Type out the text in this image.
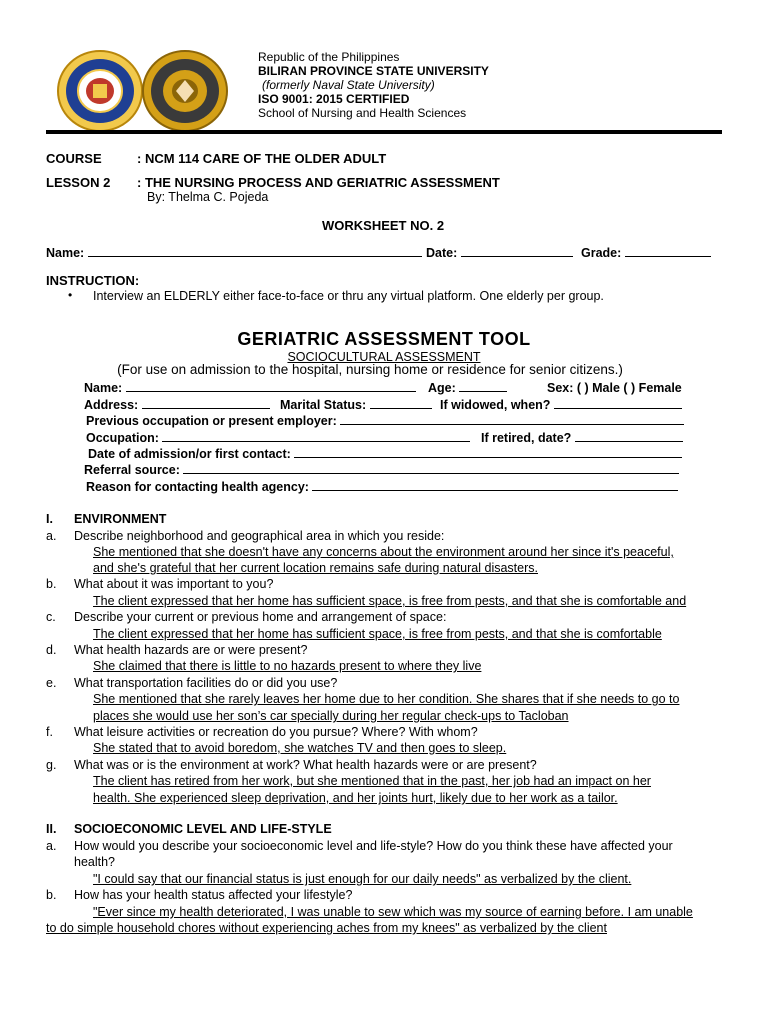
Republic of the Philippines
BILIRAN PROVINCE STATE UNIVERSITY
(formerly Naval State University)
ISO 9001: 2015 CERTIFIED
School of Nursing and Health Sciences
COURSE	: NCM 114 CARE OF THE OLDER ADULT
LESSON 2 : THE NURSING PROCESS AND GERIATRIC ASSESSMENT
By: Thelma C. Pojeda
WORKSHEET NO. 2
Name:	Date:	Grade:
INSTRUCTION:
• Interview an ELDERLY either face-to-face or thru any virtual platform. One elderly per group.
GERIATRIC ASSESSMENT TOOL
SOCIOCULTURAL ASSESSMENT
(For use on admission to the hospital, nursing home or residence for senior citizens.)
Name:	Age:	Sex: ( ) Male ( ) Female
Address:	Marital Status:	If widowed, when?
Previous occupation or present employer:
Occupation:	If retired, date?
Date of admission/or first contact:
Referral source:
Reason for contacting health agency:
I. ENVIRONMENT
a.	Describe neighborhood and geographical area in which you reside:
She mentioned that she doesn't have any concerns about the environment around her since it's peaceful,
and she's grateful that her current location remains safe during natural disasters.
b.	What about it was important to you?
The client expressed that her home has sufficient space, is free from pests, and that she is comfortable and
c.	Describe your current or previous home and arrangement of space:
The client expressed that her home has sufficient space, is free from pests, and that she is comfortable
d.	What health hazards are or were present?
She claimed that there is little to no hazards present to where they live
e.	What transportation facilities do or did you use?
She mentioned that she rarely leaves her home due to her condition. She shares that if she needs to go to
places she would use her son’s car specially during her regular check-ups to Tacloban
f.	What leisure activities or recreation do you pursue? Where? With whom?
She stated that to avoid boredom, she watches TV and then goes to sleep.
g.	What was or is the environment at work? What health hazards were or are present?
The client has retired from her work, but she mentioned that in the past, her job had an impact on her
health. She experienced sleep deprivation, and her joints hurt, likely due to her work as a tailor.
II. SOCIOECONOMIC LEVEL AND LIFE-STYLE
a.	How would you describe your socioeconomic level and life-style? How do you think these have affected your
health?
"I could say that our financial status is just enough for our daily needs" as verbalized by the client.
b.	How has your health status affected your lifestyle?
"Ever since my health deteriorated, I was unable to sew which was my source of earning before. I am unable
to do simple household chores without experiencing aches from my knees" as verbalized by the client
